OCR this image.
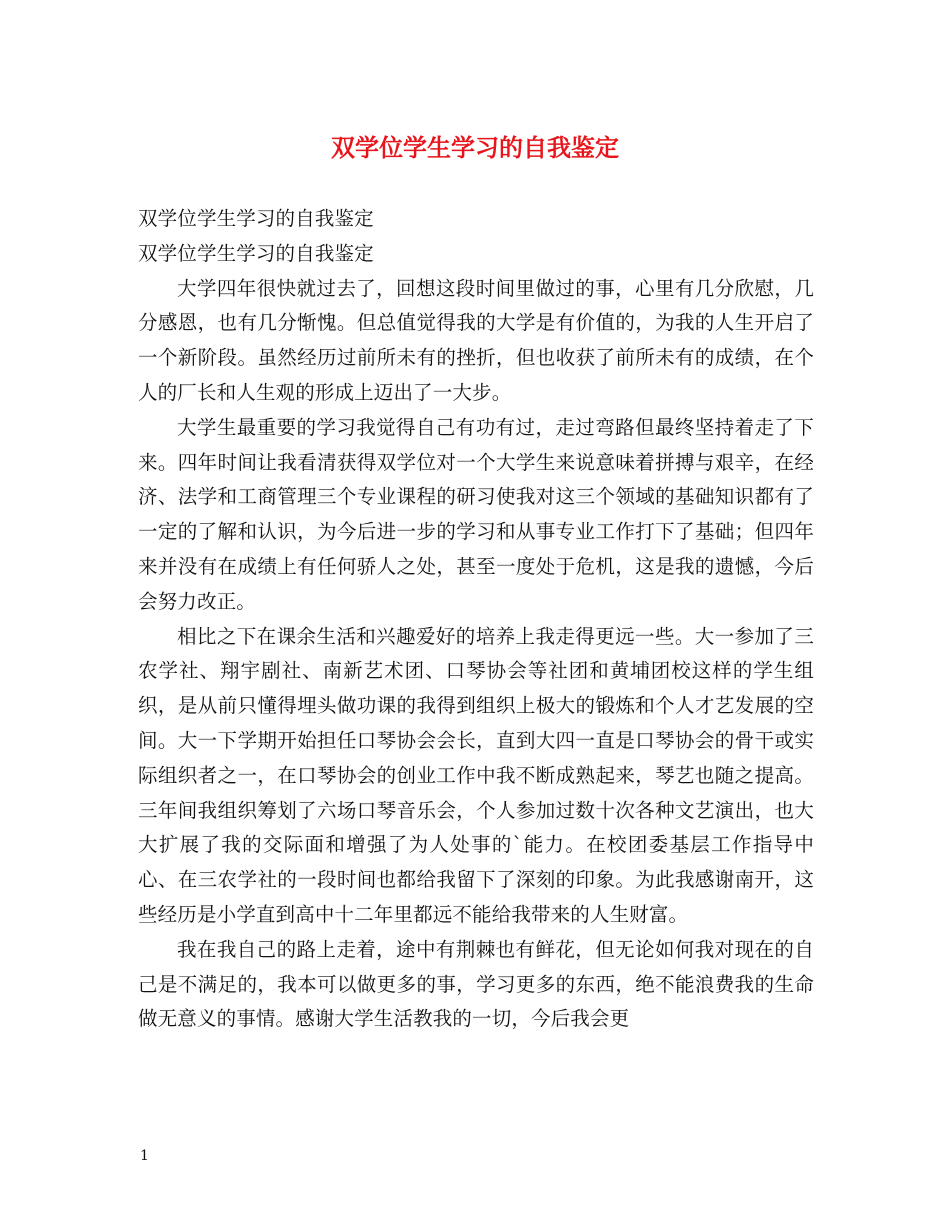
双学位学生学习的自我鉴定

双学位学生学习的自我鉴定

双学位学生学习的自我鉴定

大学四年很快就过去了，回想这段时间里做过的事，心里有几分欣慰，几分感恩，也有几分惭愧。但总值觉得我的大学是有价值的，为我的人生开启了一个新阶段。虽然经历过前所未有的挫折，但也收获了前所未有的成绩，在个人的厂长和人生观的形成上迈出了一大步。

大学生最重要的学习我觉得自己有功有过，走过弯路但最终坚持着走了下来。四年时间让我看清获得双学位对一个大学生来说意味着拼搏与艰辛，在经济、法学和工商管理三个专业课程的研习使我对这三个领域的基础知识都有了一定的了解和认识，为今后进一步的学习和从事专业工作打下了基础；但四年来并没有在成绩上有任何骄人之处，甚至一度处于危机，这是我的遗憾，今后会努力改正。

相比之下在课余生活和兴趣爱好的培养上我走得更远一些。大一参加了三农学社、翔宇剧社、南新艺术团、口琴协会等社团和黄埔团校这样的学生组织，是从前只懂得埋头做功课的我得到组织上极大的锻炼和个人才艺发展的空间。大一下学期开始担任口琴协会会长，直到大四一直是口琴协会的骨干或实际组织者之一，在口琴协会的创业工作中我不断成熟起来，琴艺也随之提高。三年间我组织筹划了六场口琴音乐会，个人参加过数十次各种文艺演出，也大大扩展了我的交际面和增强了为人处事的`能力。在校团委基层工作指导中心、在三农学社的一段时间也都给我留下了深刻的印象。为此我感谢南开，这些经历是小学直到高中十二年里都远不能给我带来的人生财富。

我在我自己的路上走着，途中有荆棘也有鲜花，但无论如何我对现在的自己是不满足的，我本可以做更多的事，学习更多的东西，绝不能浪费我的生命做无意义的事情。感谢大学生活教我的一切，今后我会更

1
